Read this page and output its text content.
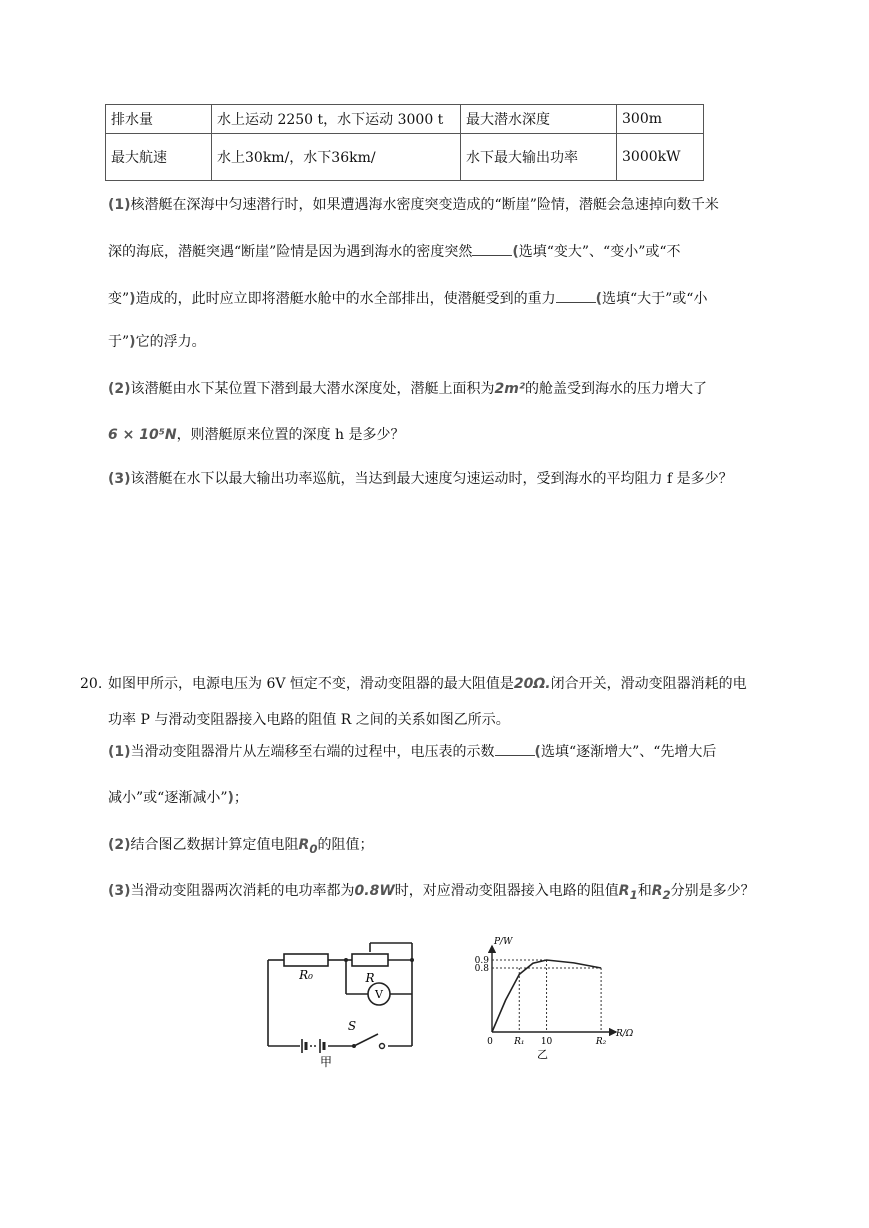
排水量	水上运动 2250 t，水下运动 3000 t	最大潜水深度	300m
最大航速	水上30km/，水下36km/	水下最大输出功率	3000kW
(1)核潜艇在深海中匀速潜行时，如果遭遇海水密度突变造成的“断崖”险情，潜艇会急速掉向数千米
深的海底，潜艇突遇“断崖”险情是因为遇到海水的密度突然	(选填“变大”、“变小”或“不
变”)造成的，此时应立即将潜艇水舱中的水全部排出，使潜艇受到的重力	(选填“大于”或“小
于”)它的浮力。
(2)该潜艇由水下某位置下潜到最大潜水深度处，潜艇上面积为2m²的舱盖受到海水的压力增大了
6 × 10⁵N，则潜艇原来位置的深度 h 是多少？
(3)该潜艇在水下以最大输出功率巡航，当达到最大速度匀速运动时，受到海水的平均阻力 f 是多少？
20. 如图甲所示，电源电压为 6V 恒定不变，滑动变阻器的最大阻值是20Ω.闭合开关，滑动变阻器消耗的电
功率 P 与滑动变阻器接入电路的阻值 R 之间的关系如图乙所示。
(1)当滑动变阻器滑片从左端移至右端的过程中，电压表的示数	(选填“逐渐增大”、“先增大后
减小”或“逐渐减小”)；
(2)结合图乙数据计算定值电阻$R_0$的阻值；
(3)当滑动变阻器两次消耗的电功率都为0.8W时，对应滑动变阻器接入电路的阻值$R_1$和$R_2$分别是多少？
R₀	R
V
S
甲
P/W
R/Ω
0.9
0.8
0 R₁ 10	R₂
乙
